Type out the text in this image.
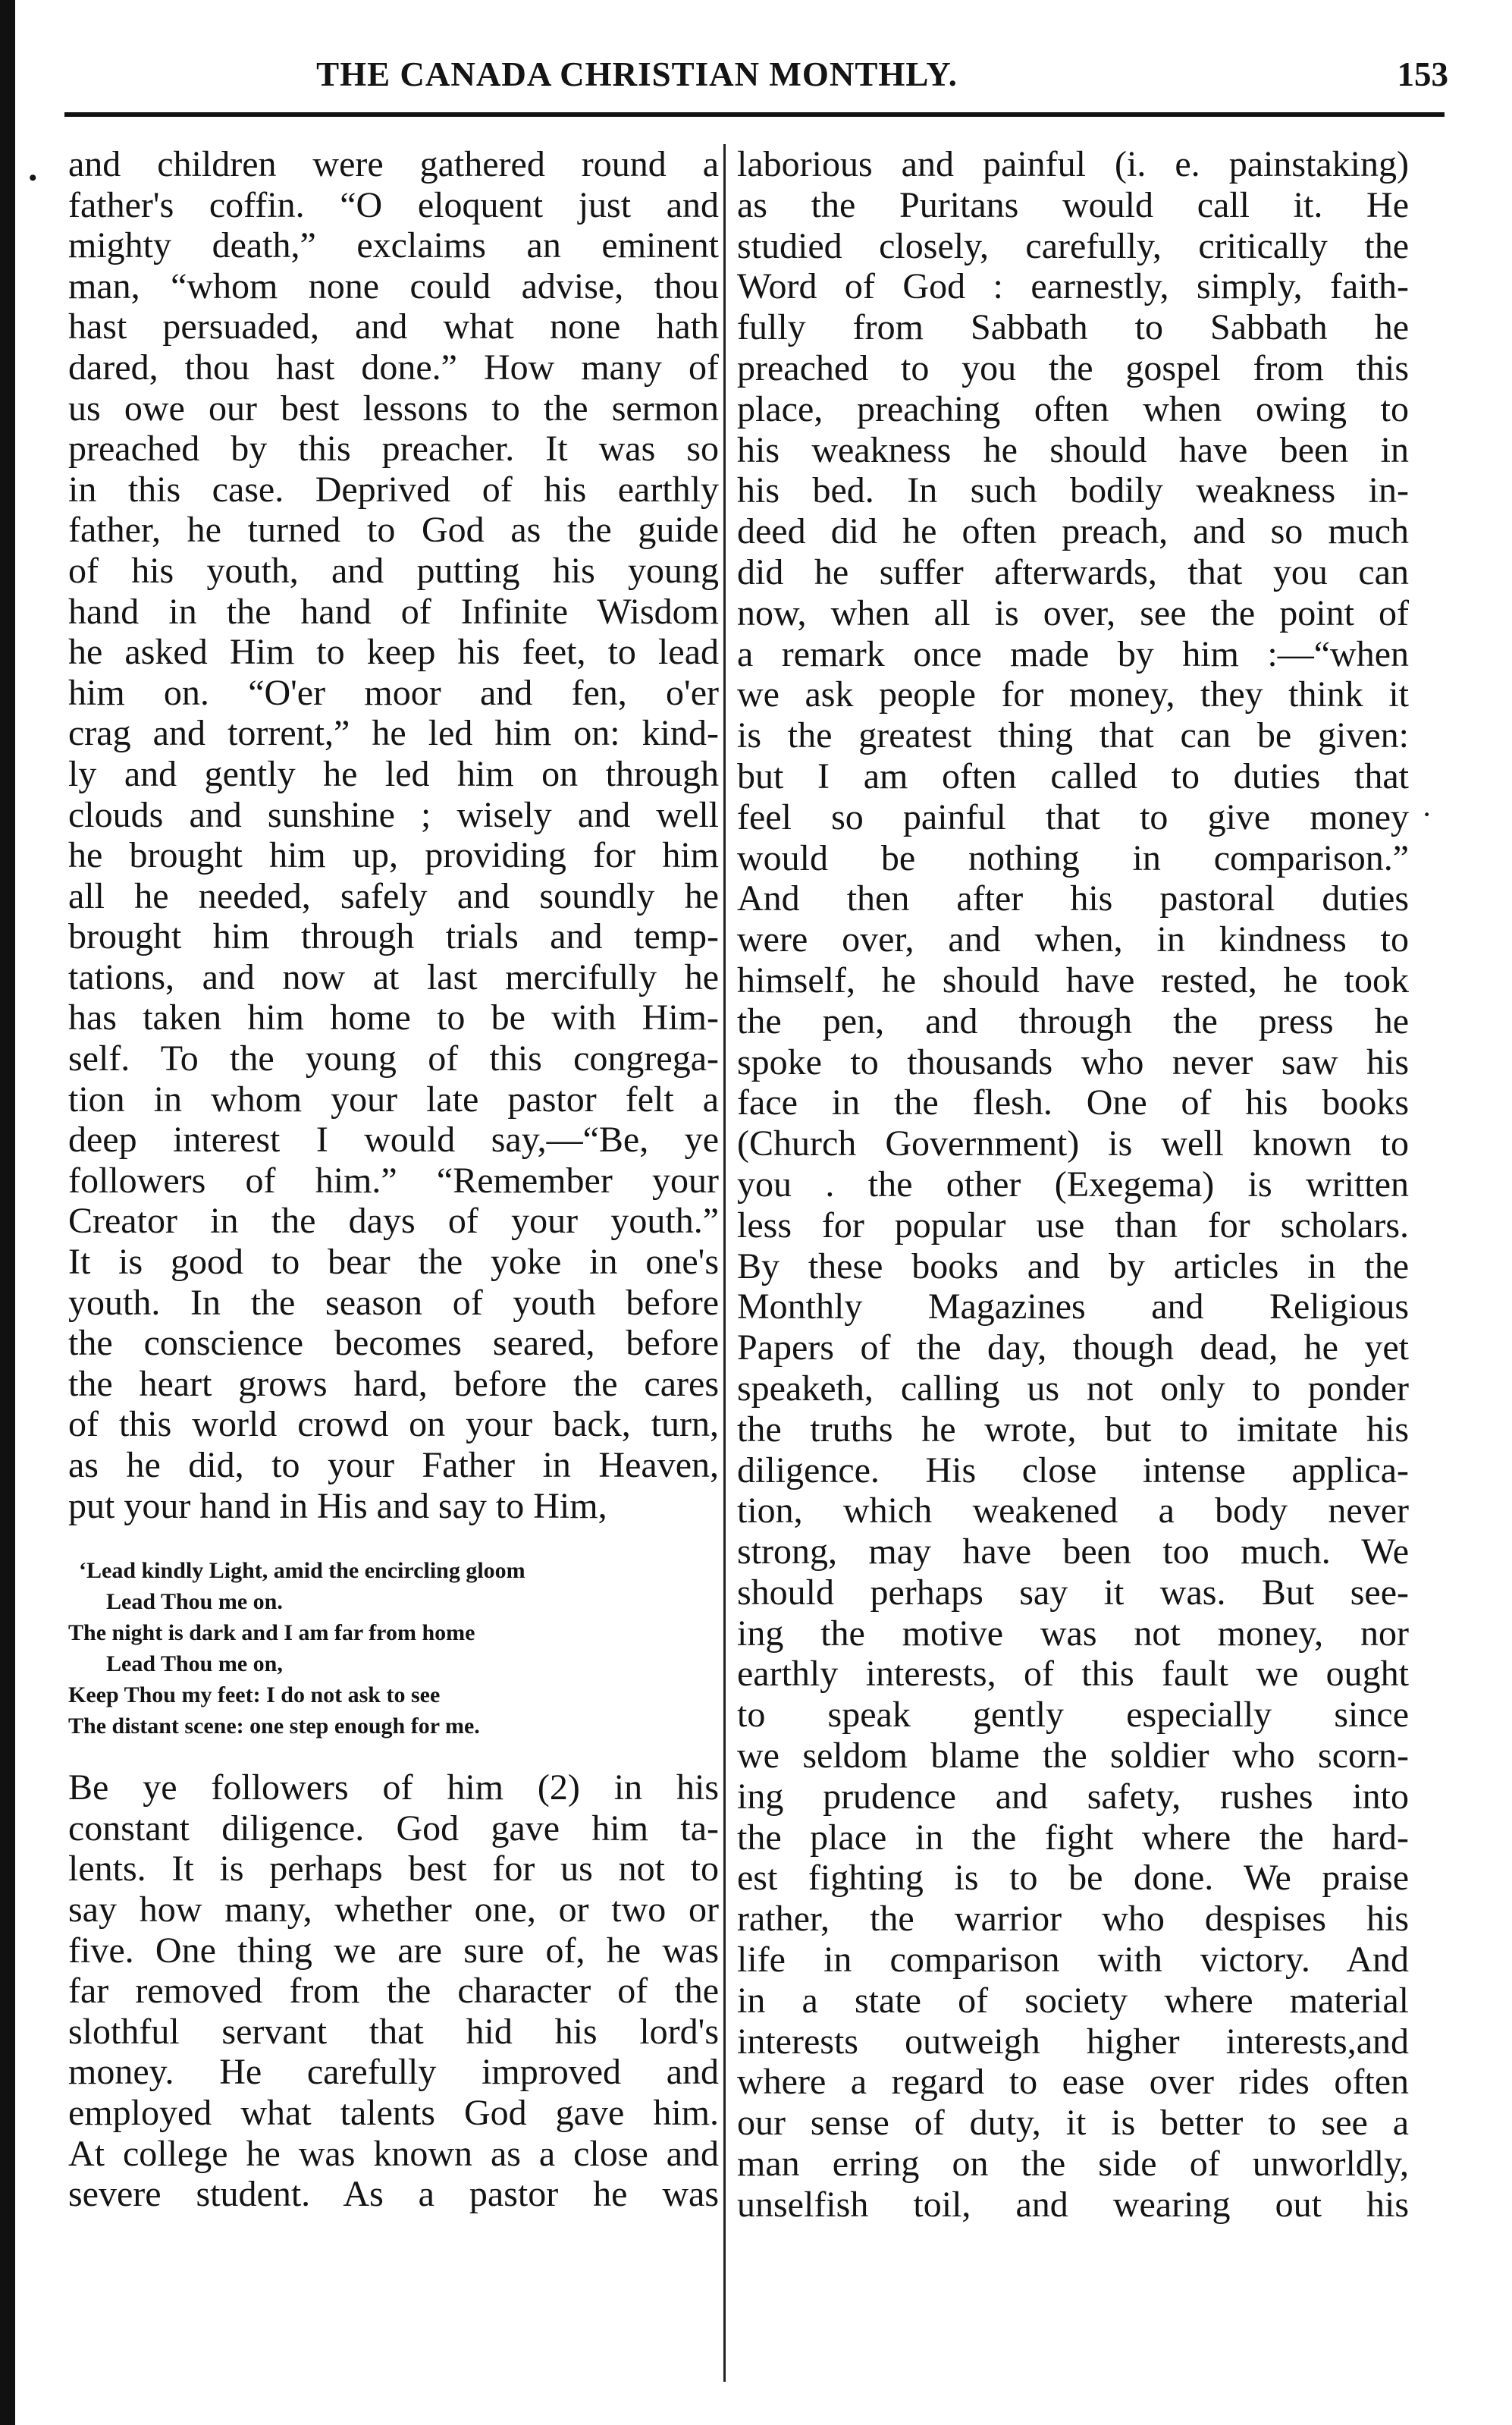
•
·
THE CANADA CHRISTIAN MONTHLY.	153
and children were gathered round a
father's coffin. “O eloquent just and
mighty death,” exclaims an eminent
man, “whom none could advise, thou
hast persuaded, and what none hath
dared, thou hast done.” How many of
us owe our best lessons to the sermon
preached by this preacher. It was so
in this case. Deprived of his earthly
father, he turned to God as the guide
of his youth, and putting his young
hand in the hand of Infinite Wisdom
he asked Him to keep his feet, to lead
him on. “O'er moor and fen, o'er
crag and torrent,” he led him on: kind-
ly and gently he led him on through
clouds and sunshine ; wisely and well
he brought him up, providing for him
all he needed, safely and soundly he
brought him through trials and temp-
tations, and now at last mercifully he
has taken him home to be with Him-
self. To the young of this congrega-
tion in whom your late pastor felt a
deep interest I would say,—“Be, ye
followers of him.” “Remember your
Creator in the days of your youth.”
It is good to bear the yoke in one's
youth. In the season of youth before
the conscience becomes seared, before
the heart grows hard, before the cares
of this world crowd on your back, turn,
as he did, to your Father in Heaven,
put your hand in His and say to Him,
‘Lead kindly Light, amid the encircling gloom
Lead Thou me on.
The night is dark and I am far from home
Lead Thou me on,
Keep Thou my feet: I do not ask to see
The distant scene: one step enough for me.
Be ye followers of him (2) in his
constant diligence. God gave him ta-
lents. It is perhaps best for us not to
say how many, whether one, or two or
five. One thing we are sure of, he was
far removed from the character of the
slothful servant that hid his lord's
money. He carefully improved and
employed what talents God gave him.
At college he was known as a close and
severe student. As a pastor he was
laborious and painful (i. e. painstaking)
as the Puritans would call it. He
studied closely, carefully, critically the
Word of God : earnestly, simply, faith-
fully from Sabbath to Sabbath he
preached to you the gospel from this
place, preaching often when owing to
his weakness he should have been in
his bed. In such bodily weakness in-
deed did he often preach, and so much
did he suffer afterwards, that you can
now, when all is over, see the point of
a remark once made by him :—“when
we ask people for money, they think it
is the greatest thing that can be given:
but I am often called to duties that
feel so painful that to give money
would be nothing in comparison.”
And then after his pastoral duties
were over, and when, in kindness to
himself, he should have rested, he took
the pen, and through the press he
spoke to thousands who never saw his
face in the flesh. One of his books
(Church Government) is well known to
you . the other (Exegema) is written
less for popular use than for scholars.
By these books and by articles in the
Monthly Magazines and Religious
Papers of the day, though dead, he yet
speaketh, calling us not only to ponder
the truths he wrote, but to imitate his
diligence. His close intense applica-
tion, which weakened a body never
strong, may have been too much. We
should perhaps say it was. But see-
ing the motive was not money, nor
earthly interests, of this fault we ought
to speak gently especially since
we seldom blame the soldier who scorn-
ing prudence and safety, rushes into
the place in the fight where the hard-
est fighting is to be done. We praise
rather, the warrior who despises his
life in comparison with victory. And
in a state of society where material
interests outweigh higher interests,and
where a regard to ease over rides often
our sense of duty, it is better to see a
man erring on the side of unworldly,
unselfish toil, and wearing out his
